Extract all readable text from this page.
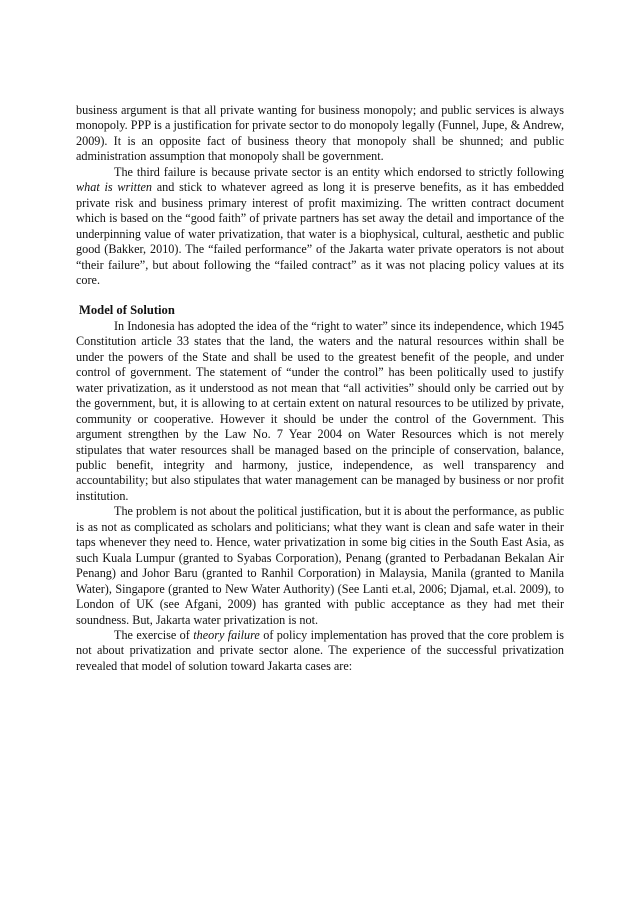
business argument is that all private wanting for business monopoly; and public services is always monopoly. PPP is a justification for private sector to do monopoly legally (Funnel, Jupe, & Andrew, 2009). It is an opposite fact of business theory that monopoly shall be shunned; and public administration assumption that monopoly shall be government.

The third failure is because private sector is an entity which endorsed to strictly following what is written and stick to whatever agreed as long it is preserve benefits, as it has embedded private risk and business primary interest of profit maximizing. The written contract document which is based on the “good faith” of private partners has set away the detail and importance of the underpinning value of water privatization, that water is a biophysical, cultural, aesthetic and public good (Bakker, 2010). The “failed performance” of the Jakarta water private operators is not about “their failure”, but about following the “failed contract” as it was not placing policy values at its core.

Model of Solution

In Indonesia has adopted the idea of the “right to water” since its independence, which 1945 Constitution article 33 states that the land, the waters and the natural resources within shall be under the powers of the State and shall be used to the greatest benefit of the people, and under control of government. The statement of “under the control” has been politically used to justify water privatization, as it understood as not mean that “all activities” should only be carried out by the government, but, it is allowing to at certain extent on natural resources to be utilized by private, community or cooperative. However it should be under the control of the Government. This argument strengthen by the Law No. 7 Year 2004 on Water Resources which is not merely stipulates that water resources shall be managed based on the principle of conservation, balance, public benefit, integrity and harmony, justice, independence, as well transparency and accountability; but also stipulates that water management can be managed by business or nor profit institution.

The problem is not about the political justification, but it is about the performance, as public is as not as complicated as scholars and politicians; what they want is clean and safe water in their taps whenever they need to. Hence, water privatization in some big cities in the South East Asia, as such Kuala Lumpur (granted to Syabas Corporation), Penang (granted to Perbadanan Bekalan Air Penang) and Johor Baru (granted to Ranhil Corporation) in Malaysia, Manila (granted to Manila Water), Singapore (granted to New Water Authority) (See Lanti et.al, 2006; Djamal, et.al. 2009), to London of UK (see Afgani, 2009) has granted with public acceptance as they had met their soundness. But, Jakarta water privatization is not.

The exercise of theory failure of policy implementation has proved that the core problem is not about privatization and private sector alone. The experience of the successful privatization revealed that model of solution toward Jakarta cases are:
